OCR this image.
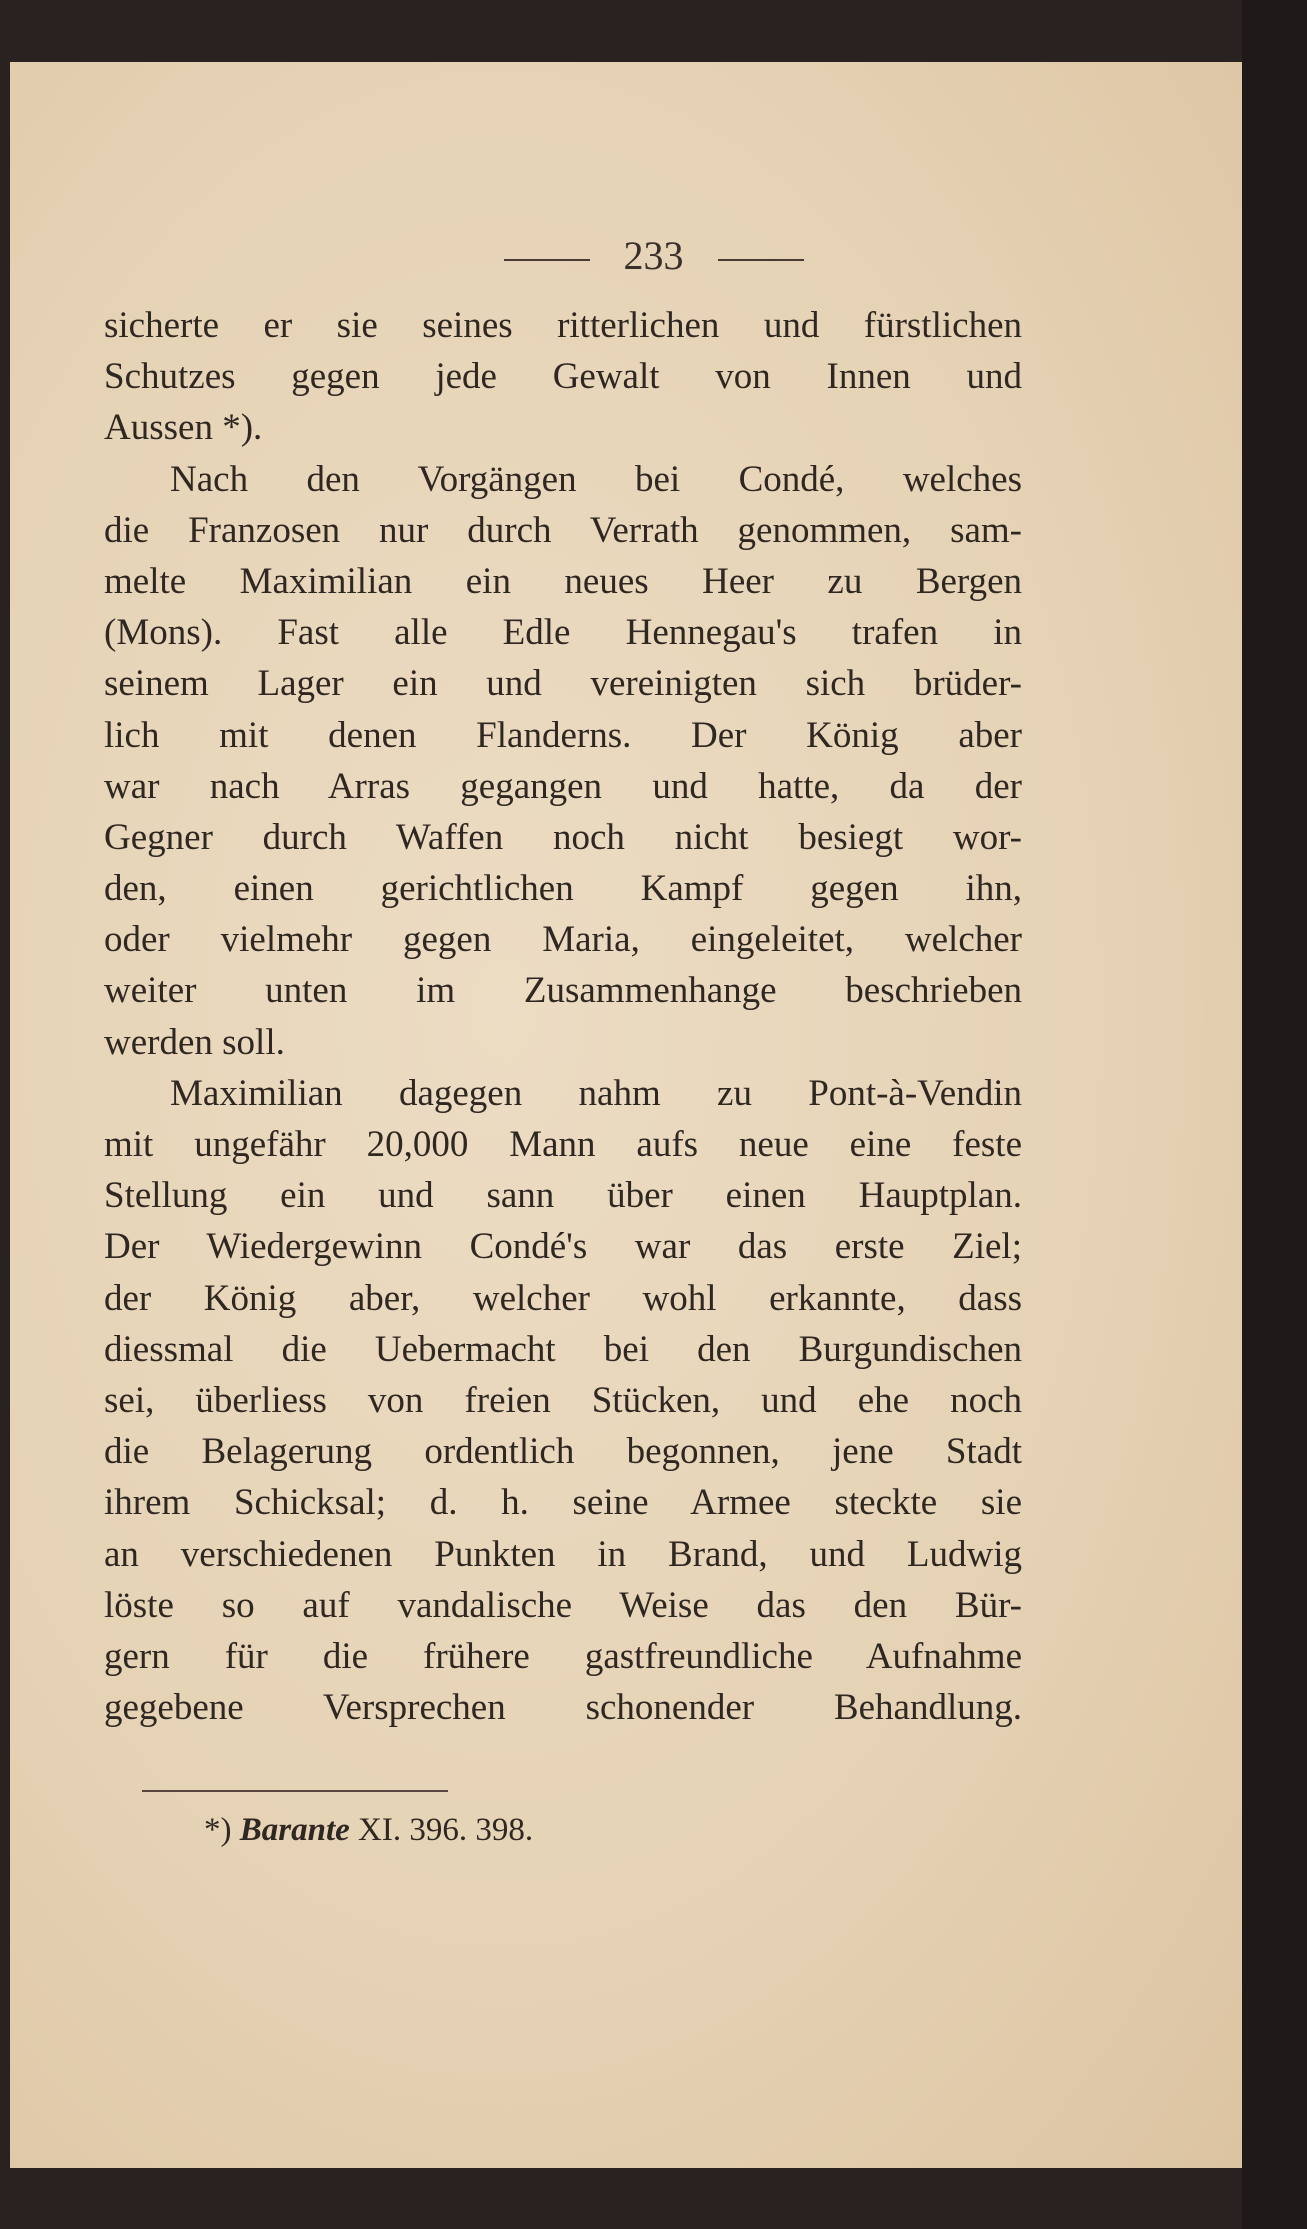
233
sicherte er sie seines ritterlichen und fürstlichen
Schutzes gegen jede Gewalt von Innen und
Aussen *).
Nach den Vorgängen bei Condé, welches
die Franzosen nur durch Verrath genommen, sam-
melte Maximilian ein neues Heer zu Bergen
(Mons). Fast alle Edle Hennegau's trafen in
seinem Lager ein und vereinigten sich brüder-
lich mit denen Flanderns. Der König aber
war nach Arras gegangen und hatte, da der
Gegner durch Waffen noch nicht besiegt wor-
den, einen gerichtlichen Kampf gegen ihn,
oder vielmehr gegen Maria, eingeleitet, welcher
weiter unten im Zusammenhange beschrieben
werden soll.
Maximilian dagegen nahm zu Pont-à-Vendin
mit ungefähr 20,000 Mann aufs neue eine feste
Stellung ein und sann über einen Hauptplan.
Der Wiedergewinn Condé's war das erste Ziel;
der König aber, welcher wohl erkannte, dass
diessmal die Uebermacht bei den Burgundischen
sei, überliess von freien Stücken, und ehe noch
die Belagerung ordentlich begonnen, jene Stadt
ihrem Schicksal; d. h. seine Armee steckte sie
an verschiedenen Punkten in Brand, und Ludwig
löste so auf vandalische Weise das den Bür-
gern für die frühere gastfreundliche Aufnahme
gegebene Versprechen schonender Behandlung.
*) Barante XI. 396. 398.
